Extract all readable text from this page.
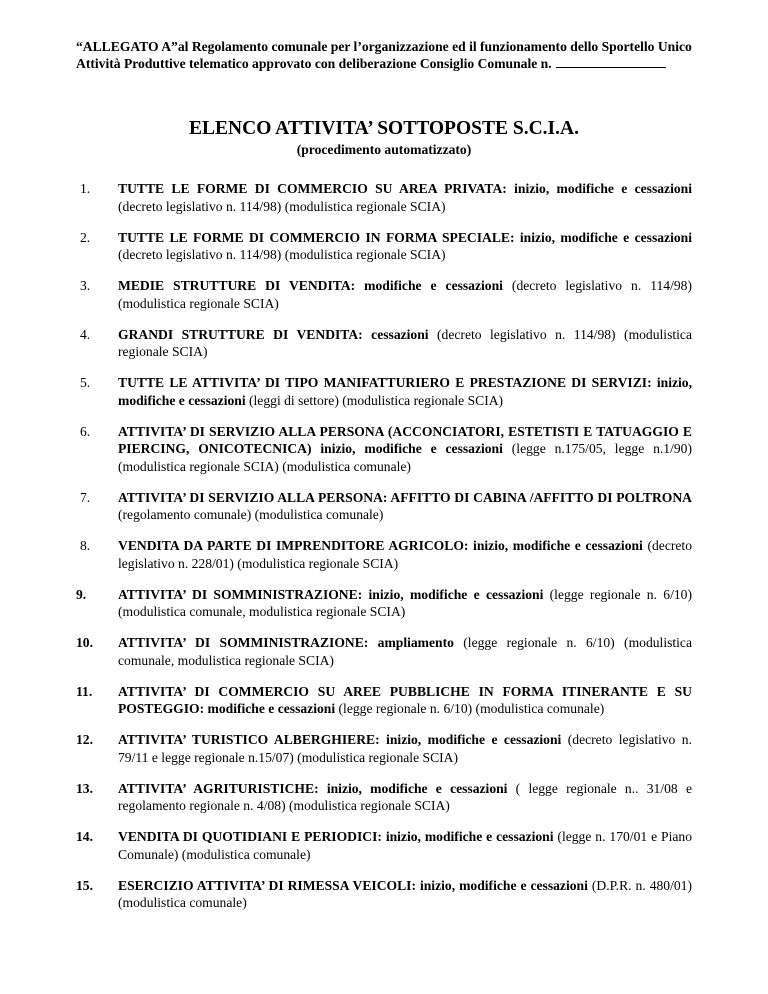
“ALLEGATO A”al Regolamento comunale per l’organizzazione ed il funzionamento dello Sportello Unico Attività Produttive telematico approvato con deliberazione Consiglio Comunale n.
ELENCO ATTIVITA’ SOTTOPOSTE S.C.I.A.
(procedimento automatizzato)
1. TUTTE LE FORME DI COMMERCIO SU AREA PRIVATA: inizio, modifiche e cessazioni (decreto legislativo n. 114/98) (modulistica regionale SCIA)
2. TUTTE LE FORME DI COMMERCIO IN FORMA SPECIALE: inizio, modifiche e cessazioni (decreto legislativo n. 114/98) (modulistica regionale SCIA)
3. MEDIE STRUTTURE DI VENDITA: modifiche e cessazioni (decreto legislativo n. 114/98) (modulistica regionale SCIA)
4. GRANDI STRUTTURE DI VENDITA: cessazioni (decreto legislativo n. 114/98) (modulistica regionale SCIA)
5. TUTTE LE ATTIVITA’ DI TIPO MANIFATTURIERO E PRESTAZIONE DI SERVIZI: inizio, modifiche e cessazioni (leggi di settore) (modulistica regionale SCIA)
6. ATTIVITA’ DI SERVIZIO ALLA PERSONA (ACCONCIATORI, ESTETISTI E TATUAGGIO E PIERCING, ONICOTECNICA) inizio, modifiche e cessazioni (legge n.175/05, legge n.1/90) (modulistica regionale SCIA) (modulistica comunale)
7. ATTIVITA’ DI SERVIZIO ALLA PERSONA: AFFITTO DI CABINA /AFFITTO DI POLTRONA (regolamento comunale) (modulistica comunale)
8. VENDITA DA PARTE DI IMPRENDITORE AGRICOLO: inizio, modifiche e cessazioni (decreto legislativo n. 228/01) (modulistica regionale SCIA)
9. ATTIVITA’ DI SOMMINISTRAZIONE: inizio, modifiche e cessazioni (legge regionale n. 6/10) (modulistica comunale, modulistica regionale SCIA)
10. ATTIVITA’ DI SOMMINISTRAZIONE: ampliamento (legge regionale n. 6/10) (modulistica comunale, modulistica regionale SCIA)
11. ATTIVITA’ DI COMMERCIO SU AREE PUBBLICHE IN FORMA ITINERANTE E SU POSTEGGIO: modifiche e cessazioni (legge regionale n. 6/10) (modulistica comunale)
12. ATTIVITA’ TURISTICO ALBERGHIERE: inizio, modifiche e cessazioni (decreto legislativo n. 79/11 e legge regionale n.15/07) (modulistica regionale SCIA)
13. ATTIVITA’ AGRITURISTICHE: inizio, modifiche e cessazioni ( legge regionale n.. 31/08 e regolamento regionale n. 4/08) (modulistica regionale SCIA)
14. VENDITA DI QUOTIDIANI E PERIODICI: inizio, modifiche e cessazioni (legge n. 170/01 e Piano Comunale) (modulistica comunale)
15. ESERCIZIO ATTIVITA’ DI RIMESSA VEICOLI: inizio, modifiche e cessazioni (D.P.R. n. 480/01) (modulistica comunale)
